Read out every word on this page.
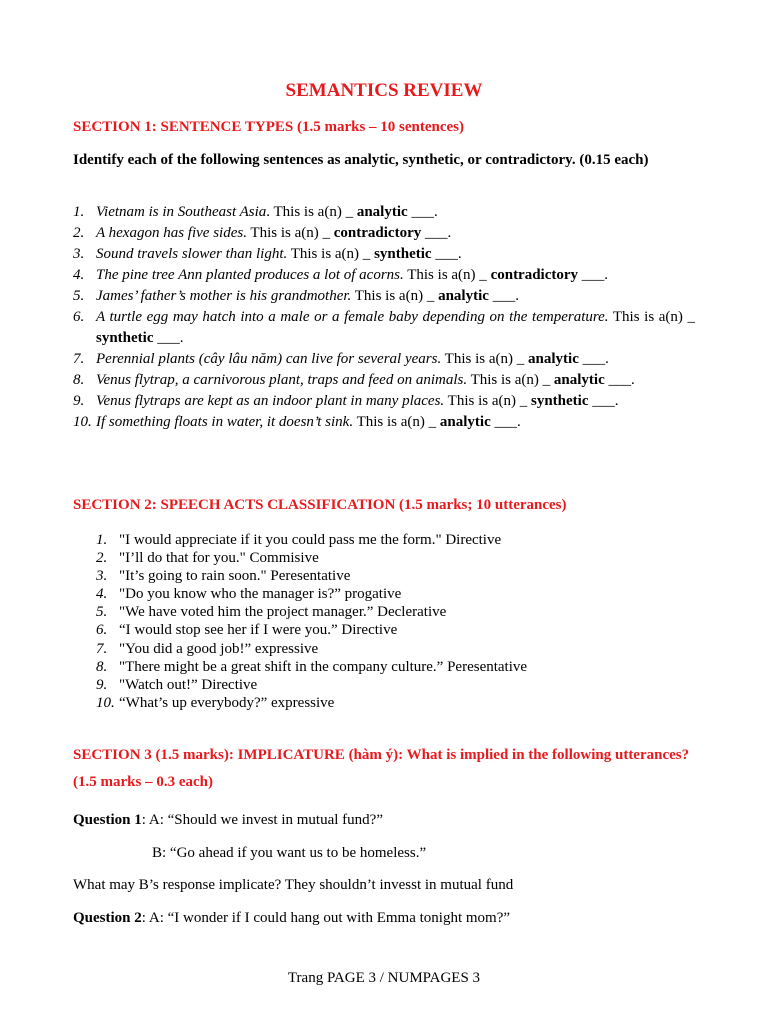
SEMANTICS REVIEW

SECTION 1: SENTENCE TYPES (1.5 marks – 10 sentences)

Identify each of the following sentences as analytic, synthetic, or contradictory. (0.15 each)

1. Vietnam is in Southeast Asia. This is a(n) _ analytic ___.
2. A hexagon has five sides. This is a(n) _ contradictory ___.
3. Sound travels slower than light. This is a(n) _ synthetic ___.
4. The pine tree Ann planted produces a lot of acorns. This is a(n) _ contradictory ___.
5. James’ father’s mother is his grandmother. This is a(n) _ analytic ___.
6. A turtle egg may hatch into a male or a female baby depending on the temperature. This is a(n) _ synthetic ___.
7. Perennial plants (cây lâu năm) can live for several years. This is a(n) _ analytic ___.
8. Venus flytrap, a carnivorous plant, traps and feed on animals. This is a(n) _ analytic ___.
9. Venus flytraps are kept as an indoor plant in many places. This is a(n) _ synthetic ___.
10. If something floats in water, it doesn’t sink. This is a(n) _ analytic ___.

SECTION 2: SPEECH ACTS CLASSIFICATION (1.5 marks; 10 utterances)

1. "I would appreciate if it you could pass me the form." Directive
2. "I’ll do that for you." Commisive
3. "It’s going to rain soon." Peresentative
4. "Do you know who the manager is?” progative
5. "We have voted him the project manager.” Declerative
6. “I would stop see her if I were you.” Directive
7. "You did a good job!” expressive
8. "There might be a great shift in the company culture.” Peresentative
9. "Watch out!” Directive
10. “What’s up everybody?” expressive

SECTION 3 (1.5 marks): IMPLICATURE (hàm ý): What is implied in the following utterances? (1.5 marks – 0.3 each)

Question 1: A: “Should we invest in mutual fund?”

B: “Go ahead if you want us to be homeless.”

What may B’s response implicate? They shouldn’t invesst in mutual fund

Question 2: A: “I wonder if I could hang out with Emma tonight mom?”

Trang PAGE 3 / NUMPAGES 3
